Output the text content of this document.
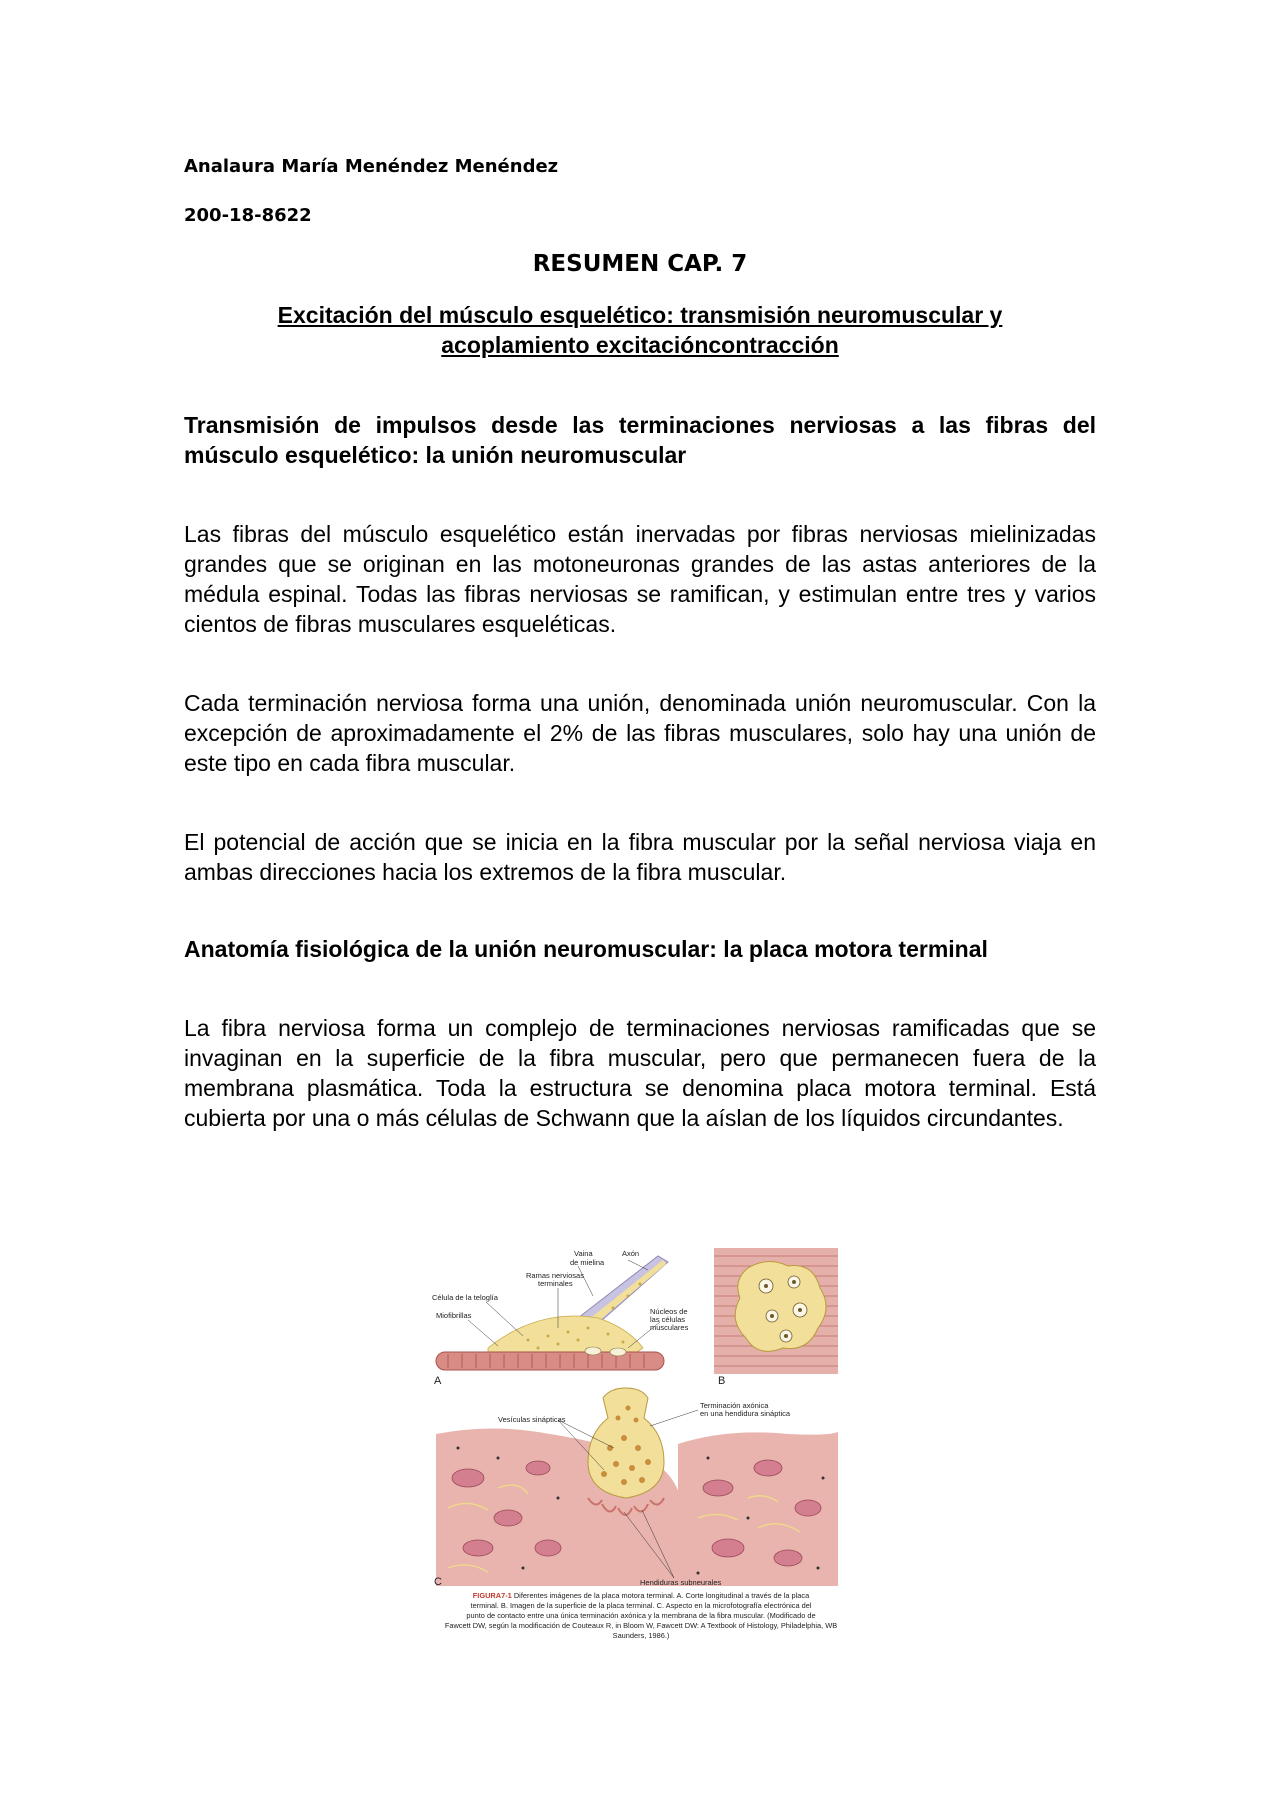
Analaura María Menéndez Menéndez
200-18-8622
RESUMEN CAP. 7
Excitación del músculo esquelético: transmisión neuromuscular y acoplamiento excitacióncontracción
Transmisión de impulsos desde las terminaciones nerviosas a las fibras del músculo esquelético: la unión neuromuscular
Las fibras del músculo esquelético están inervadas por fibras nerviosas mielinizadas grandes que se originan en las motoneuronas grandes de las astas anteriores de la médula espinal. Todas las fibras nerviosas se ramifican, y estimulan entre tres y varios cientos de fibras musculares esqueléticas.
Cada terminación nerviosa forma una unión, denominada unión neuromuscular. Con la excepción de aproximadamente el 2% de las fibras musculares, solo hay una unión de este tipo en cada fibra muscular.
El potencial de acción que se inicia en la fibra muscular por la señal nerviosa viaja en ambas direcciones hacia los extremos de la fibra muscular.
Anatomía fisiológica de la unión neuromuscular: la placa motora terminal
La fibra nerviosa forma un complejo de terminaciones nerviosas ramificadas que se invaginan en la superficie de la fibra muscular, pero que permanecen fuera de la membrana plasmática. Toda la estructura se denomina placa motora terminal. Está cubierta por una o más células de Schwann que la aíslan de los líquidos circundantes.
Vaina
de mielina
Axón
Ramas nerviosas
terminales
Célula de la teloglía
Miofibrillas	Núcleos de
las células
musculares
A	B
Vesículas sinápticas
Terminación axónica
en una hendidura sináptica
C	Hendiduras subneurales
FIGURA7-1 Diferentes imágenes de la placa motora terminal. A. Corte longitudinal a través de la placa
terminal. B. Imagen de la superficie de la placa terminal. C. Aspecto en la microfotografía electrónica del
punto de contacto entre una única terminación axónica y la membrana de la fibra muscular. (Modificado de
Fawcett DW, según la modificación de Couteaux R, in Bloom W, Fawcett DW: A Textbook of Histology, Philadelphia, WB
Saunders, 1986.)
